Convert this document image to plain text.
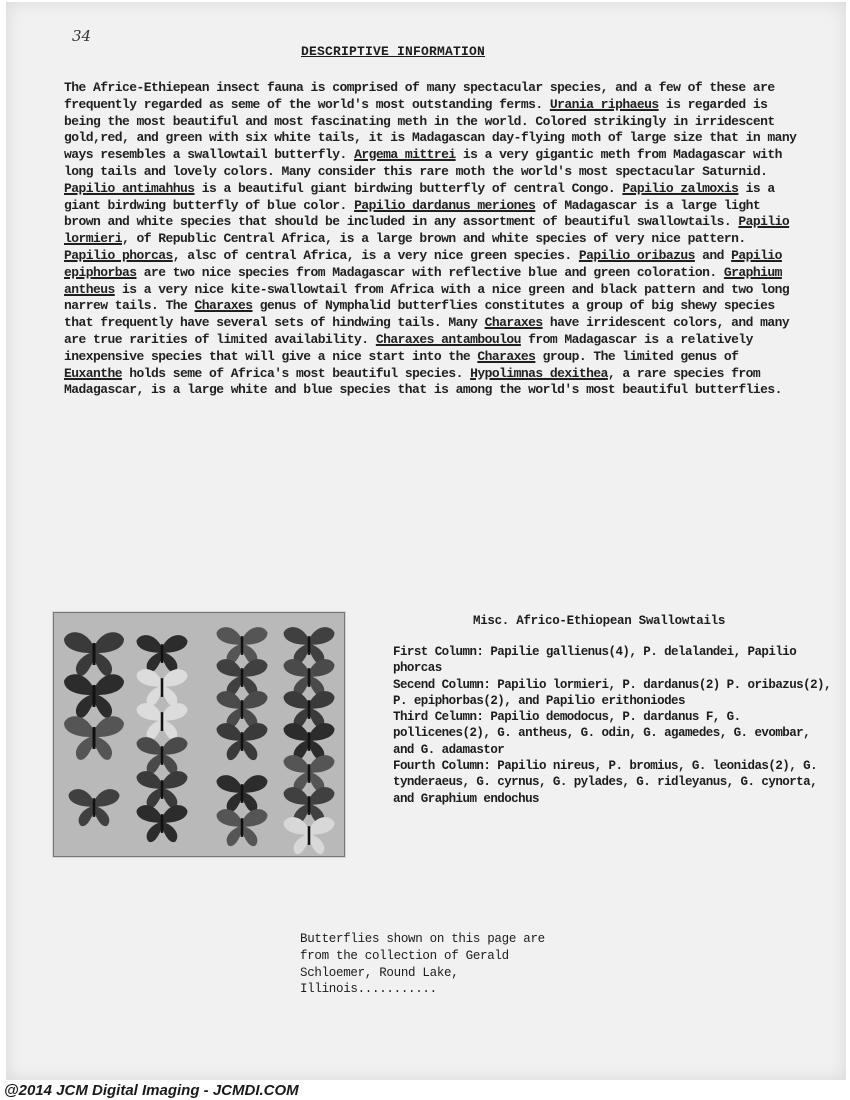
34
DESCRIPTIVE INFORMATION

The Africe-Ethiepean insect fauna is comprised of many spectacular species, and a few of these are frequently regarded as seme of the world's most outstanding ferms. Urania riphaeus is regarded is being the most beautiful and most fascinating meth in the world. Colored strikingly in irridescent gold,red, and green with six white tails, it is Madagascan day-flying moth of large size that in many ways resembles a swallowtail butterfly. Argema mittrei is a very gigantic meth from Madagascar with long tails and lovely colors. Many consider this rare moth the world's most spectacular Saturnid. Papilio antimahhus is a beautiful giant birdwing butterfly of central Congo. Papilio zalmoxis is a giant birdwing butterfly of blue color. Papilio dardanus meriones of Madagascar is a large light brown and white species that should be included in any assortment of beautiful swallowtails. Papilio lormieri, of Republic Central Africa, is a large brown and white species of very nice pattern. Papilio phorcas, alsc of central Africa, is a very nice green species. Papilio oribazus and Papilio epiphorbas are two nice species from Madagascar with reflective blue and green coloration. Graphium antheus is a very nice kite-swallowtail from Africa with a nice green and black pattern and two long narrew tails. The Charaxes genus of Nymphalid butterflies constitutes a group of big shewy species that frequently have several sets of hindwing tails. Many Charaxes have irridescent colors, and many are true rarities of limited availability. Charaxes antamboulou from Madagascar is a relatively inexpensive species that will give a nice start into the Charaxes group. The limited genus of Euxanthe holds seme of Africa's most beautiful species. Hypolimnas dexithea, a rare species from Madagascar, is a large white and blue species that is among the world's most beautiful butterflies.

Misc. Africo-Ethiopean Swallowtails
First Column: Papilie gallienus(4), P. delalandei, Papilio phorcas
Secend Column: Papilio lormieri, P. dardanus(2) P. oribazus(2), P. epiphorbas(2), and Papilio erithoniodes
Third Celumn: Papilio demodocus, P. dardanus F, G. pollicenes(2), G. antheus, G. odin, G. agamedes, G. evombar, and G. adamastor
Fourth Column: Papilio nireus, P. bromius, G. leonidas(2), G. tynderaeus, G. cyrnus, G. pylades, G. ridleyanus, G. cynorta, and Graphium endochus
Butterflies shown on this page are from the collection of Gerald Schloemer, Round Lake, Illinois...........
@2014 JCM Digital Imaging - JCMDI.COM
